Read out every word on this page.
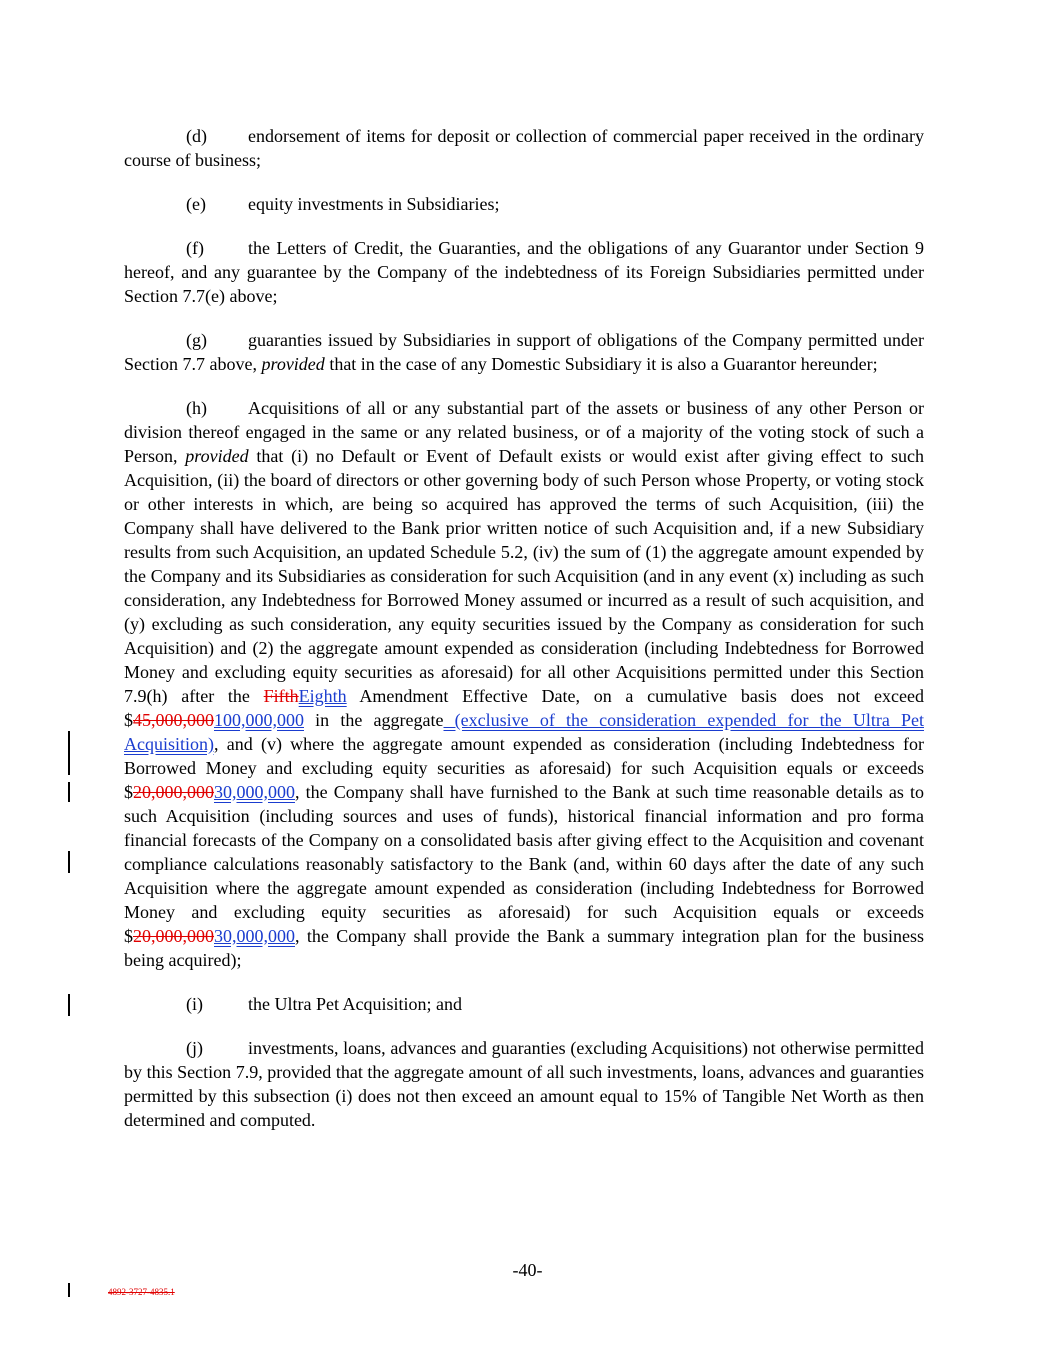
(d) endorsement of items for deposit or collection of commercial paper received in the ordinary course of business;

(e) equity investments in Subsidiaries;

(f) the Letters of Credit, the Guaranties, and the obligations of any Guarantor under Section 9 hereof, and any guarantee by the Company of the indebtedness of its Foreign Subsidiaries permitted under Section 7.7(e) above;

(g) guaranties issued by Subsidiaries in support of obligations of the Company permitted under Section 7.7 above, provided that in the case of any Domestic Subsidiary it is also a Guarantor hereunder;

(h) Acquisitions of all or any substantial part of the assets or business of any other Person or division thereof engaged in the same or any related business, or of a majority of the voting stock of such a Person, provided that (i) no Default or Event of Default exists or would exist after giving effect to such Acquisition, (ii) the board of directors or other governing body of such Person whose Property, or voting stock or other interests in which, are being so acquired has approved the terms of such Acquisition, (iii) the Company shall have delivered to the Bank prior written notice of such Acquisition and, if a new Subsidiary results from such Acquisition, an updated Schedule 5.2, (iv) the sum of (1) the aggregate amount expended by the Company and its Subsidiaries as consideration for such Acquisition (and in any event (x) including as such consideration, any Indebtedness for Borrowed Money assumed or incurred as a result of such acquisition, and (y) excluding as such consideration, any equity securities issued by the Company as consideration for such Acquisition) and (2) the aggregate amount expended as consideration (including Indebtedness for Borrowed Money and excluding equity securities as aforesaid) for all other Acquisitions permitted under this Section 7.9(h) after the FifthEighth Amendment Effective Date, on a cumulative basis does not exceed $45,000,000100,000,000 in the aggregate (exclusive of the consideration expended for the Ultra Pet Acquisition), and (v) where the aggregate amount expended as consideration (including Indebtedness for Borrowed Money and excluding equity securities as aforesaid) for such Acquisition equals or exceeds $20,000,00030,000,000, the Company shall have furnished to the Bank at such time reasonable details as to such Acquisition (including sources and uses of funds), historical financial information and pro forma financial forecasts of the Company on a consolidated basis after giving effect to the Acquisition and covenant compliance calculations reasonably satisfactory to the Bank (and, within 60 days after the date of any such Acquisition where the aggregate amount expended as consideration (including Indebtedness for Borrowed Money and excluding equity securities as aforesaid) for such Acquisition equals or exceeds $20,000,00030,000,000, the Company shall provide the Bank a summary integration plan for the business being acquired);

(i)	the Ultra Pet Acquisition; and

(j)	investments, loans, advances and guaranties (excluding Acquisitions) not otherwise permitted by this Section 7.9, provided that the aggregate amount of all such investments, loans, advances and guaranties permitted by this subsection (i) does not then exceed an amount equal to 15% of Tangible Net Worth as then determined and computed.

-40-
4892-3727-4835.1
